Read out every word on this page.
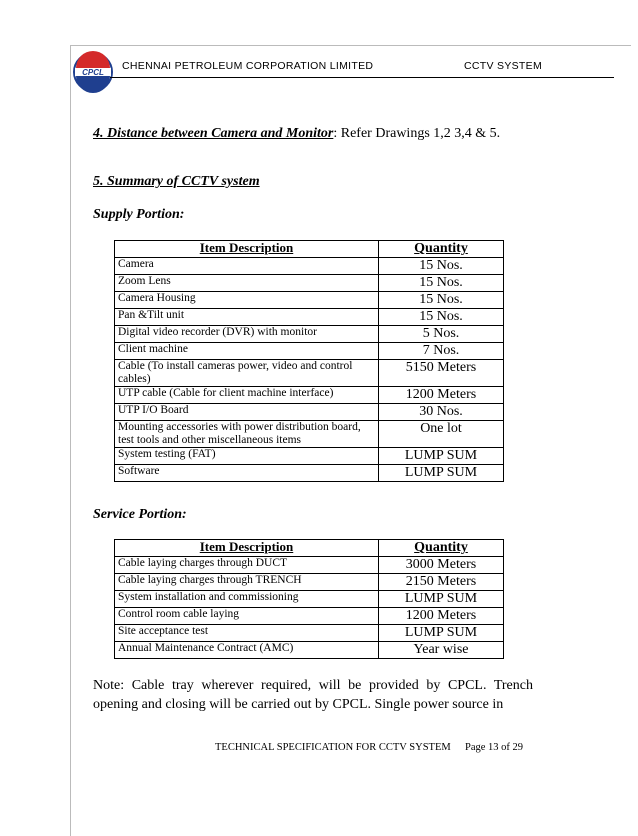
CPCL
CHENNAI PETROLEUM CORPORATION LIMITED	CCTV SYSTEM
4. Distance between Camera and Monitor: Refer Drawings 1,2 3,4 & 5.
5. Summary of CCTV system
Supply Portion:
Item Description	Quantity
Camera	15 Nos.
Zoom Lens	15 Nos.
Camera Housing	15 Nos.
Pan &Tilt unit	15 Nos.
Digital video recorder (DVR) with monitor	5 Nos.
Client machine	7 Nos.
Cable (To install cameras power, video and control cables)	5150 Meters
UTP cable (Cable for client machine interface)	1200 Meters
UTP I/O Board	30 Nos.
Mounting accessories with power distribution board, test tools and other miscellaneous items	One lot
System testing (FAT)	LUMP SUM
Software	LUMP SUM
Service Portion:
Item Description	Quantity
Cable laying charges through DUCT	3000 Meters
Cable laying charges through TRENCH	2150 Meters
System installation and commissioning	LUMP SUM
Control room cable laying	1200 Meters
Site acceptance test	LUMP SUM
Annual Maintenance Contract (AMC)	Year wise
Note: Cable tray wherever required, will be provided by CPCL. Trench opening and closing will be carried out by CPCL. Single power source in
TECHNICAL SPECIFICATION FOR CCTV SYSTEM Page 13 of 29
